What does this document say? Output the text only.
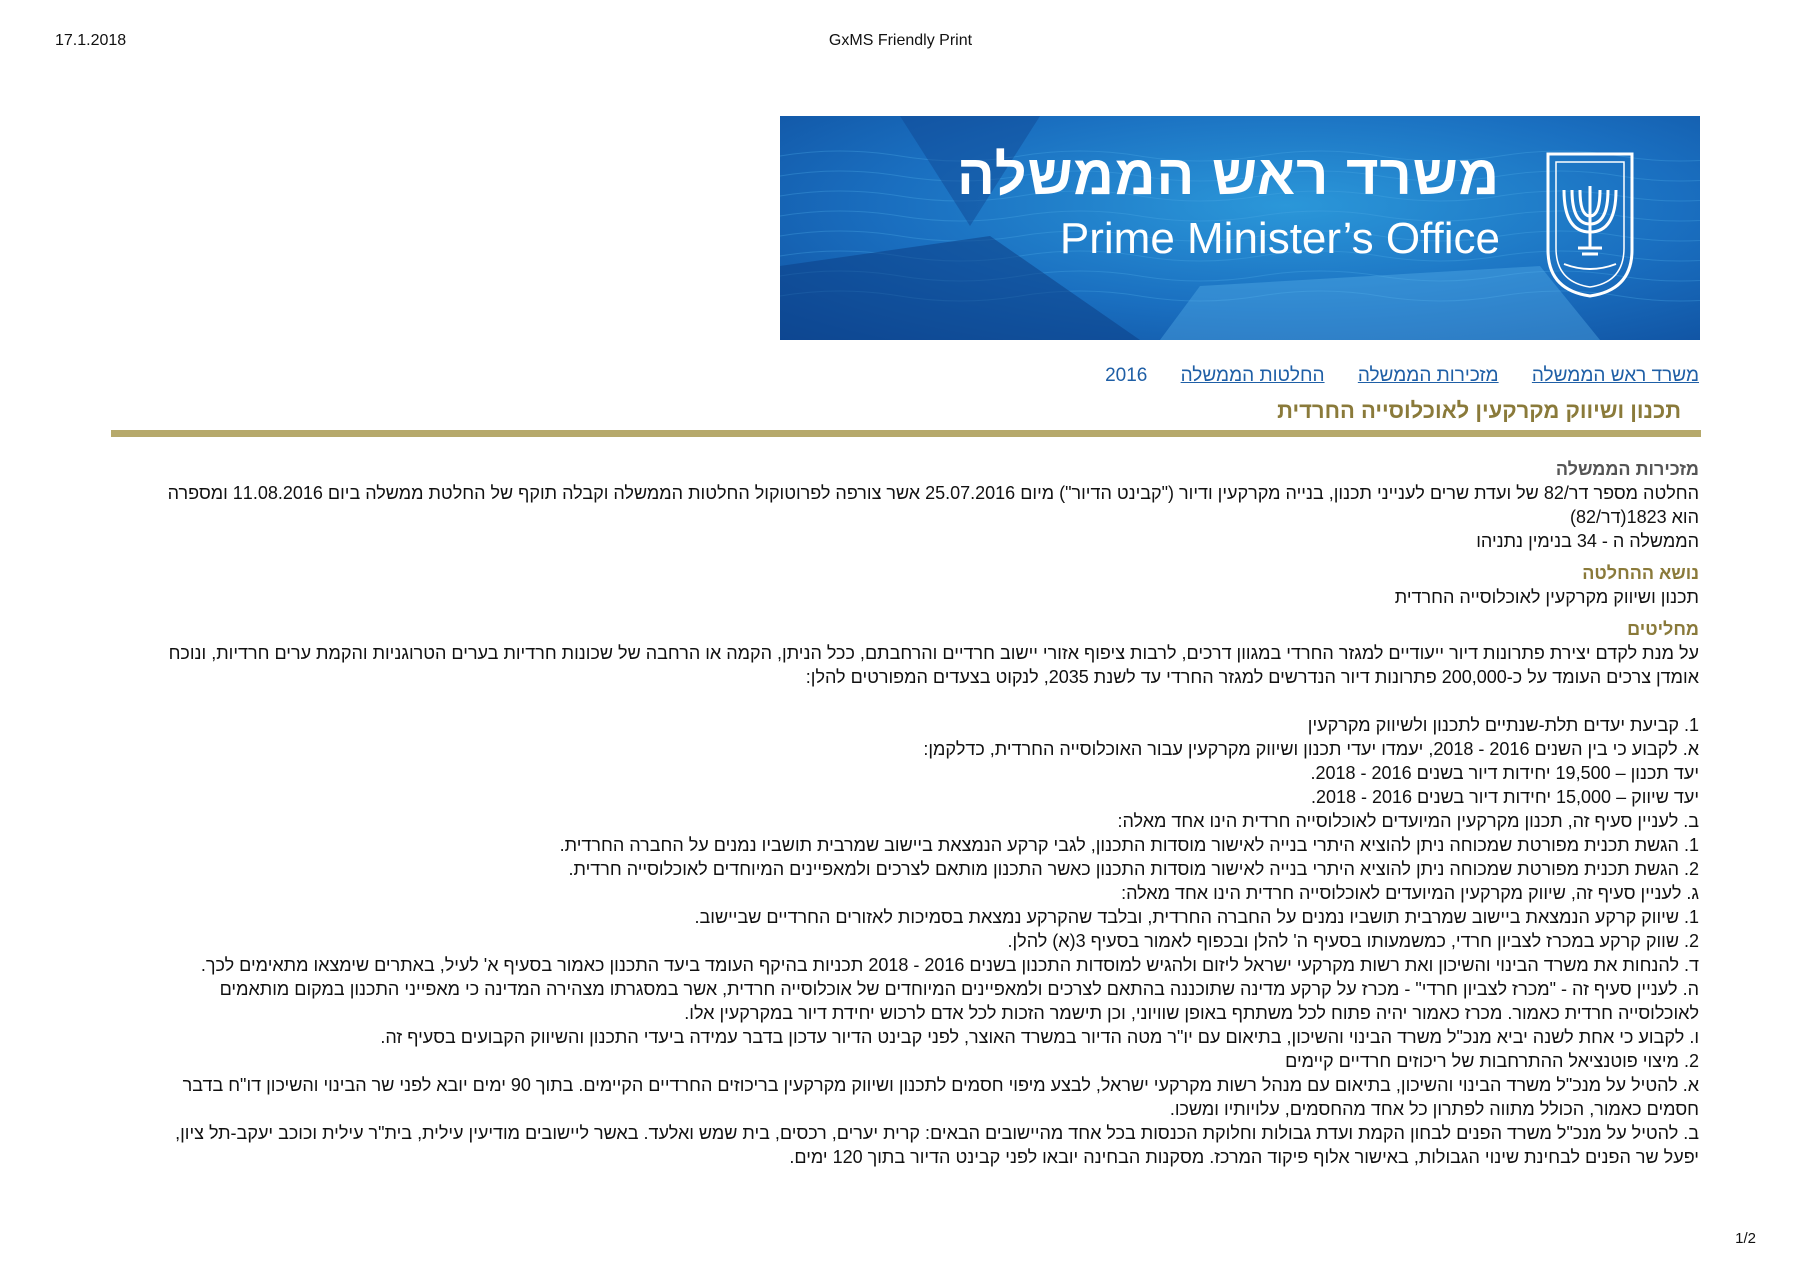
17.1.2018	GxMS Friendly Print
משרד ראש הממשלה
Prime Minister’s Office
משרד ראש הממשלה מזכירות הממשלה החלטות הממשלה 2016
תכנון ושיווק מקרקעין לאוכלוסייה החרדית

מזכירות הממשלה

החלטה מספר דר/82 של ועדת שרים לענייני תכנון, בנייה מקרקעין ודיור ("קבינט הדיור") מיום 25.07.2016 אשר צורפה לפרוטוקול החלטות הממשלה וקבלה תוקף של החלטת ממשלה ביום 11.08.2016 ומספרה הוא 1823(דר/82)

הממשלה ה - 34 בנימין נתניהו

נושא ההחלטה

תכנון ושיווק מקרקעין לאוכלוסייה החרדית

מחליטים

על מנת לקדם יצירת פתרונות דיור ייעודיים למגזר החרדי במגוון דרכים, לרבות ציפוף אזורי יישוב חרדיים והרחבתם, ככל הניתן, הקמה או הרחבה של שכונות חרדיות בערים הטרוגניות והקמת ערים חרדיות, ונוכח אומדן צרכים העומד על כ-200,000 פתרונות דיור הנדרשים למגזר החרדי עד לשנת 2035, לנקוט בצעדים המפורטים להלן:

1. קביעת יעדים תלת-שנתיים לתכנון ולשיווק מקרקעין

א. לקבוע כי בין השנים 2016 - 2018, יעמדו יעדי תכנון ושיווק מקרקעין עבור האוכלוסייה החרדית, כדלקמן:

יעד תכנון – 19,500 יחידות דיור בשנים 2016 - 2018.

יעד שיווק – 15,000 יחידות דיור בשנים 2016 - 2018.

ב. לעניין סעיף זה, תכנון מקרקעין המיועדים לאוכלוסייה חרדית הינו אחד מאלה:

1. הגשת תכנית מפורטת שמכוחה ניתן להוציא היתרי בנייה לאישור מוסדות התכנון, לגבי קרקע הנמצאת ביישוב שמרבית תושביו נמנים על החברה החרדית.

2. הגשת תכנית מפורטת שמכוחה ניתן להוציא היתרי בנייה לאישור מוסדות התכנון כאשר התכנון מותאם לצרכים ולמאפיינים המיוחדים לאוכלוסייה חרדית.

ג. לעניין סעיף זה, שיווק מקרקעין המיועדים לאוכלוסייה חרדית הינו אחד מאלה:

1. שיווק קרקע הנמצאת ביישוב שמרבית תושביו נמנים על החברה החרדית, ובלבד שהקרקע נמצאת בסמיכות לאזורים החרדיים שביישוב.

2. שווק קרקע במכרז לצביון חרדי, כמשמעותו בסעיף ה' להלן ובכפוף לאמור בסעיף 3(א) להלן.

ד. להנחות את משרד הבינוי והשיכון ואת רשות מקרקעי ישראל ליזום ולהגיש למוסדות התכנון בשנים 2016 - 2018 תכניות בהיקף העומד ביעד התכנון כאמור בסעיף א' לעיל, באתרים שימצאו מתאימים לכך.

ה. לעניין סעיף זה - "מכרז לצביון חרדי" - מכרז על קרקע מדינה שתוכננה בהתאם לצרכים ולמאפיינים המיוחדים של אוכלוסייה חרדית, אשר במסגרתו מצהירה המדינה כי מאפייני התכנון במקום מותאמים לאוכלוסייה חרדית כאמור. מכרז כאמור יהיה פתוח לכל משתתף באופן שוויוני, וכן תישמר הזכות לכל אדם לרכוש יחידת דיור במקרקעין אלו.

ו. לקבוע כי אחת לשנה יביא מנכ"ל משרד הבינוי והשיכון, בתיאום עם יו"ר מטה הדיור במשרד האוצר, לפני קבינט הדיור עדכון בדבר עמידה ביעדי התכנון והשיווק הקבועים בסעיף זה.

2. מיצוי פוטנציאל ההתרחבות של ריכוזים חרדיים קיימים

א. להטיל על מנכ"ל משרד הבינוי והשיכון, בתיאום עם מנהל רשות מקרקעי ישראל, לבצע מיפוי חסמים לתכנון ושיווק מקרקעין בריכוזים החרדיים הקיימים. בתוך 90 ימים יובא לפני שר הבינוי והשיכון דו"ח בדבר חסמים כאמור, הכולל מתווה לפתרון כל אחד מהחסמים, עלויותיו ומשכו.

ב. להטיל על מנכ"ל משרד הפנים לבחון הקמת ועדת גבולות וחלוקת הכנסות בכל אחד מהיישובים הבאים: קרית יערים, רכסים, בית שמש ואלעד. באשר ליישובים מודיעין עילית, בית"ר עילית וכוכב יעקב-תל ציון, יפעל שר הפנים לבחינת שינוי הגבולות, באישור אלוף פיקוד המרכז. מסקנות הבחינה יובאו לפני קבינט הדיור בתוך 120 ימים.

1/2
